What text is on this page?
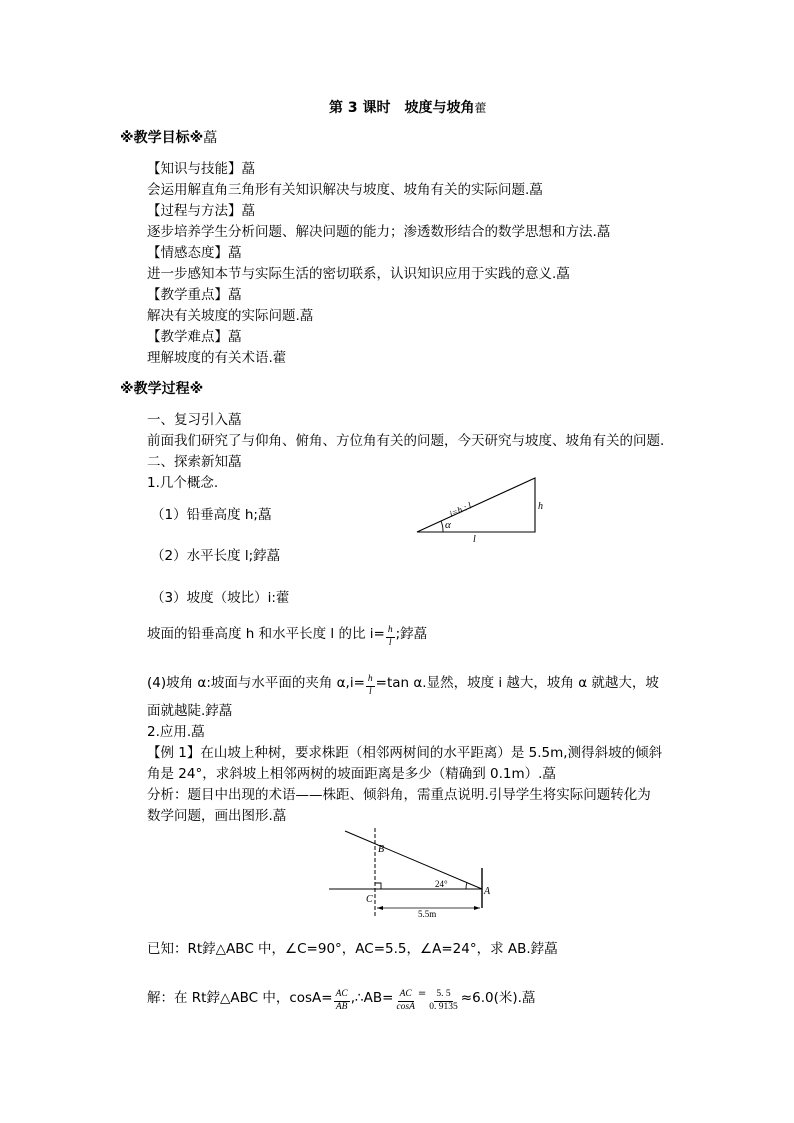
第 3 课时　坡度与坡角藿
※教学目标※藠
【知识与技能】藠
会运用解直角三角形有关知识解决与坡度、坡角有关的实际问题.藠
【过程与方法】藠
逐步培养学生分析问题、解决问题的能力；渗透数形结合的数学思想和方法.藠
【情感态度】藠
进一步感知本节与实际生活的密切联系，认识知识应用于实践的意义.藠
【教学重点】藠
解决有关坡度的实际问题.藠
【教学难点】藠
理解坡度的有关术语.藿
※教学过程※
一、复习引入藠
前面我们研究了与仰角、俯角、方位角有关的问题，今天研究与坡度、坡角有关的问题.
二、探索新知藠
1.几个概念.
（1）铅垂高度 h;藠
（2）水平长度 l;鋍藠
（3）坡度（坡比）i:藿
i=h : l	h
l
α
坡面的铅垂高度 h 和水平长度 l 的比 $i= \frac{h}{l}$ ;鋍藠
(4)坡角 α:坡面与水平面的夹角 $\alpha,i= \frac{h}{l} =\tan$ α.显然，坡度 i 越大，坡角 α 就越大，坡
面就越陡.鋍藠
2.应用.藠
【例 1】在山坡上种树，要求株距（相邻两树间的水平距离）是 5.5m,测得斜坡的倾斜
角是 24°，求斜坡上相邻两树的坡面距离是多少（精确到 0.1m）.藠
分析：题目中出现的术语——株距、倾斜角，需重点说明.引导学生将实际问题转化为
数学问题，画出图形.藠
B
C
A
24°
5.5m
已知：Rt鋍△ABC 中，∠C=90°，AC=5.5，∠A=24°，求 AB.鋍藠
解：在 Rt鋍△ABC 中，$\cos A= \frac{AC}{AB}$ ,∴AB= $\frac{AC}{\cos A} ^= \frac{5. 5}{0. 9135} \approx 6.0$(米).藠
